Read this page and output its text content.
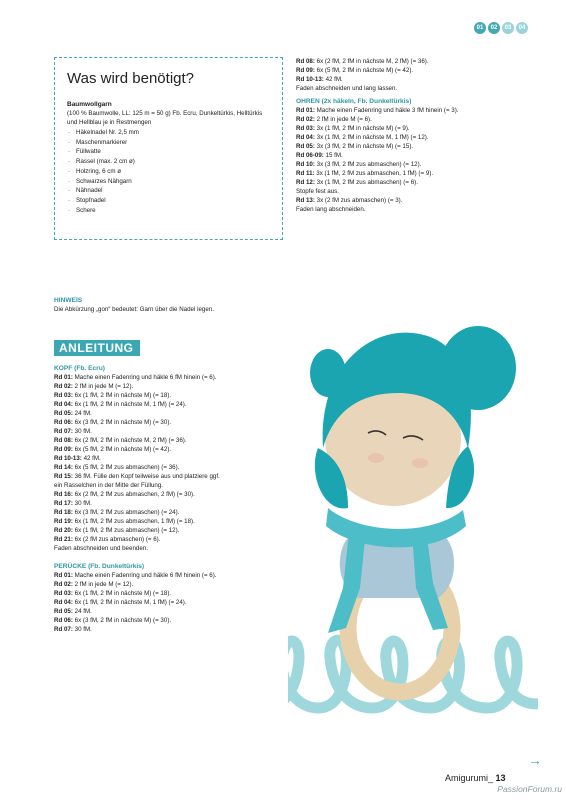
01	02	03	04
Was wird benötigt?
Baumwollgarn
(100 % Baumwolle, LL: 125 m = 50 g) Fb. Ecru, Dunkeltürkis, Helltürkis und Hellblau je in Restmengen
· Häkelnadel Nr. 2,5 mm
· Maschenmarkierer
· Füllwatte
· Rassel (max. 2 cm ø)
· Holzring, 6 cm ø
· Schwarzes Nähgarn
· Nähnadel
· Stopfnadel
· Schere
Rd 08: 6x (2 fM, 2 fM in nächste M, 2 fM) (= 36).
Rd 09: 6x (5 fM, 2 fM in nächste M) (= 42).
Rd 10-13: 42 fM.
Faden abschneiden und lang lassen.
OHREN (2x häkeln, Fb. Dunkeltürkis)
Rd 01: Mache einen Fadenring und häkle 3 fM hinein (= 3).
Rd 02: 2 fM in jede M (= 6).
Rd 03: 3x (1 fM, 2 fM in nächste M) (= 9).
Rd 04: 3x (1 fM, 2 fM in nächste M, 1 fM) (= 12).
Rd 05: 3x (3 fM, 2 fM in nächste M) (= 15).
Rd 06-09: 15 fM.
Rd 10: 3x (3 fM, 2 fM zus abmaschen) (= 12).
Rd 11: 3x (1 fM, 2 fM zus abmaschen, 1 fM) (= 9).
Rd 12: 3x (1 fM, 2 fM zus abmaschen) (= 6).
Stopfe fest aus.
Rd 13: 3x (2 fM zus abmaschen) (= 3).
Faden lang abschneiden.
HINWEIS
Die Abkürzung „gon“ bedeutet: Garn über die Nadel legen.
ANLEITUNG
KOPF (Fb. Ecru)
Rd 01: Mache einen Fadenring und häkle 6 fM hinein (= 6).
Rd 02: 2 fM in jede M (= 12).
Rd 03: 6x (1 fM, 2 fM in nächste M) (= 18).
Rd 04: 6x (1 fM, 2 fM in nächste M, 1 fM) (= 24).
Rd 05: 24 fM.
Rd 06: 6x (3 fM, 2 fM in nächste M) (= 30).
Rd 07: 30 fM.
Rd 08: 6x (2 fM, 2 fM in nächste M, 2 fM) (= 36).
Rd 09: 6x (5 fM, 2 fM in nächste M) (= 42).
Rd 10-13: 42 fM.
Rd 14: 6x (5 fM, 2 fM zus abmaschen) (= 36).
Rd 15: 36 fM. Fülle den Kopf teilweise aus und platziere ggf.
ein Rasselchen in der Mitte der Füllung.
Rd 16: 6x (2 fM, 2 fM zus abmaschen, 2 fM) (= 30).
Rd 17: 30 fM.
Rd 18: 6x (3 fM, 2 fM zus abmaschen) (= 24).
Rd 19: 6x (1 fM, 2 fM zus abmaschen, 1 fM) (= 18).
Rd 20: 6x (1 fM, 2 fM zus abmaschen) (= 12).
Rd 21: 6x (2 fM zus abmaschen) (= 6).
Faden abschneiden und beenden.
PERÜCKE (Fb. Dunkeltürkis)
Rd 01: Mache einen Fadenring und häkle 6 fM hinein (= 6).
Rd 02: 2 fM in jede M (= 12).
Rd 03: 6x (1 fM, 2 fM in nächste M) (= 18).
Rd 04: 6x (1 fM, 2 fM in nächste M, 1 fM) (= 24).
Rd 05: 24 fM.
Rd 06: 6x (3 fM, 2 fM in nächste M) (= 30).
Rd 07: 30 fM.
→
Amigurumi_ 13
PassionForum.ru
